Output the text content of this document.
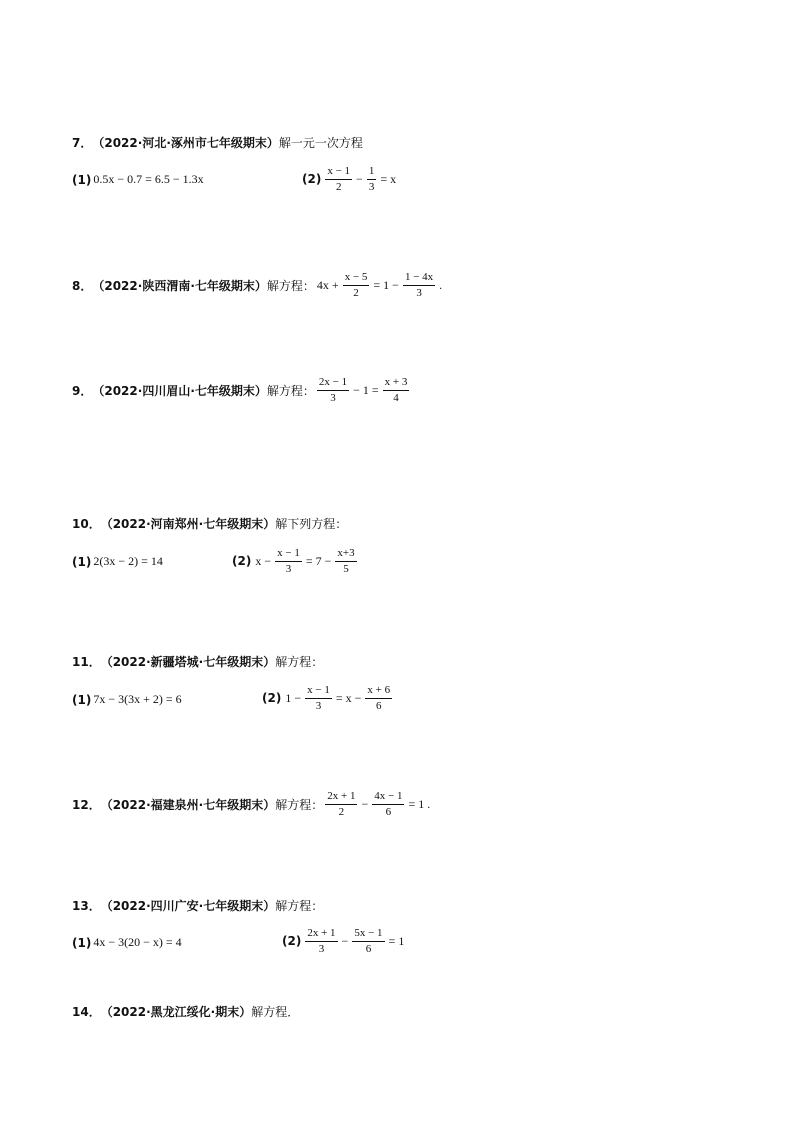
7． （2022·河北·涿州市七年级期末） 解一元一次方程
(1) 0.5x − 0.7 = 6.5 − 1.3x	$(2) \frac{x - 1}{2} - \frac{1}{3} = x$
8． （2022·陕西渭南·七年级期末） 解方程： $4x + \frac{x - 5}{2} = 1 - \frac{1 - 4x}{3}$ .
9． （2022·四川眉山·七年级期末） 解方程： $\frac{2x - 1}{3} - 1 = \frac{x + 3}{4}$
10． （2022·河南郑州·七年级期末） 解下列方程：
(1) 2(3x − 2) = 14	(2) $x - \frac{x - 1}{3} = 7 - \frac{x+3}{5}$
11． （2022·新疆塔城·七年级期末） 解方程：
(1) 7x − 3(3x + 2) = 6	(2) $1 - \frac{x - 1}{3} = x - \frac{x + 6}{6}$
12． （2022·福建泉州·七年级期末） 解方程： $\frac{2x + 1}{2} - \frac{4x - 1}{6} = 1$ .
13． （2022·四川广安·七年级期末） 解方程：
(1) 4x − 3(20 − x) = 4	$(2) \frac{2x + 1}{3} - \frac{5x - 1}{6} = 1$
14． （2022·黑龙江绥化·期末） 解方程．
